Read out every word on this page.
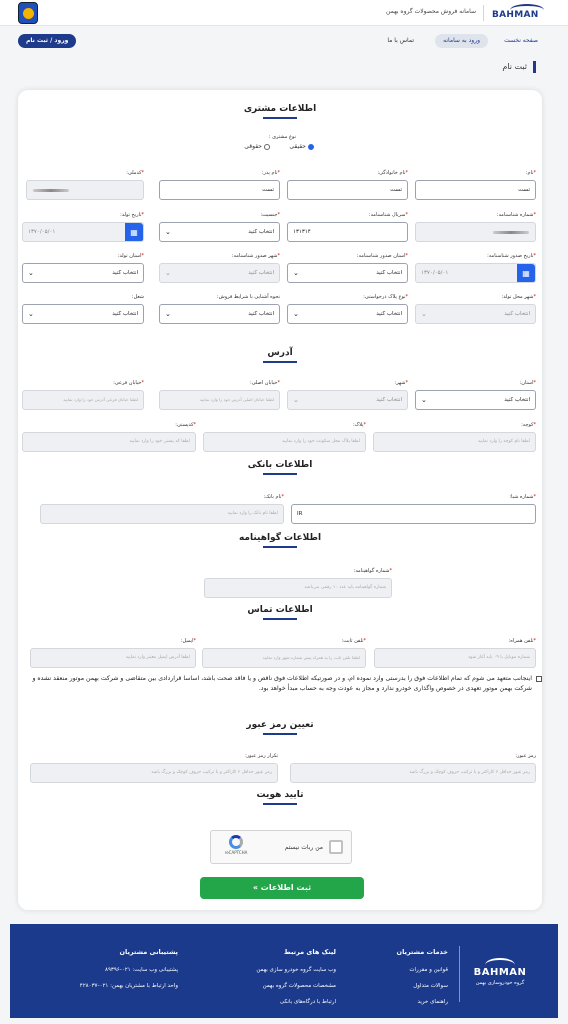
BAHMAN
سامانه فروش محصولات گروه بهمن
صفحه نخست
ورود به سامانه
تماس با ما
ورود / ثبت نام
ثبت نام
اطلاعات مشتری
نوع مشتری :
حقیقی
حقوقی
*نام:
تست
*نام خانوادگی:
تست
*نام پدر:
تست
*کدملی:
*شماره شناسنامه:
*سریال شناسنامه:
۱۳۱۳۱۴
*جنسیت:
انتخاب کنید
⌄
*تاریخ تولد:
۱۳۷۰/۰۵/۰۱	▦
*تاریخ صدور شناسنامه:
۱۳۷۰/۰۵/۰۱	▦
*استان صدور شناسنامه:
انتخاب کنید
⌄
*شهر صدور شناسنامه:
انتخاب کنید
⌄
*استان تولد:
انتخاب کنید
⌄
*شهر محل تولد:
انتخاب کنید
⌄
*نوع پلاک درخواستی:
انتخاب کنید
⌄
نحوه آشنایی با شرایط فروش:
انتخاب کنید
⌄
شغل:
انتخاب کنید
⌄
آدرس
*استان:
انتخاب کنید
⌄
*شهر:
انتخاب کنید
⌄
*خیابان اصلی:
لطفا خیابان اصلی آدرس خود را وارد نمایید
*خیابان فرعی:
لطفا خیابان فرعی آدرس خود را وارد نمایید
*کوچه:
لطفا نام کوچه را وارد نمایید
*پلاک:
لطفا پلاک محل سکونت خود را وارد نمایید
*کدپستی:
لطفا کد پستی خود را وارد نمایید
اطلاعات بانکی
*شماره شبا:
IR
*نام بانک:
لطفا نام بانک را وارد نمایید
اطلاعات گواهینامه
*شماره گواهینامه:
شماره گواهینامه باید عدد ۱۰ رقمی می‌باشد
اطلاعات تماس
*تلفن همراه:
شماره موبایل با ۰۹ باید آغاز شود
*تلفن ثابت:
لطفا تلفن ثابت را به همراه پیش شماره شهر وارد نمایید
*ایمیل:
لطفا آدرس ایمیل معتبر وارد نمایید
اینجانب متعهد می شوم که تمام اطلاعات فوق را بدرستی وارد نموده ام، و در صورتیکه اطلاعات فوق ناقص و یا فاقد صحت باشد، اساسا قراردادی بین متقاضی و شرکت بهمن موتور منعقد نشده و شرکت بهمن موتور تعهدی در خصوص واگذاری خودرو ندارد و مجاز به عودت وجه به حساب مبدأ خواهد بود.
تعیین رمز عبور
رمز عبور:
رمز عبور حداقل ۶ کاراکتر و با ترکیب حروف کوچک و بزرگ باشد
تکرار رمز عبور:
رمز عبور حداقل ۶ کاراکتر و با ترکیب حروف کوچک و بزرگ باشد
تایید هویت
من ربات نیستم
reCAPTCHA
ثبت اطلاعات »
BAHMAN
گروه خودروسازی بهمن
خدمات مشتریان
قوانین و مقررات
سوالات متداول
راهنمای خرید
لینک های مرتبط
وب سایت گروه خودرو سازی بهمن
مشخصات محصولات گروه بهمن
ارتباط با درگاه‌های بانکی
پشتیبانی مشتریان
پشتیبانی وب سایت: ۰۲۱-۸۹۳۹۶
واحد ارتباط با مشتریان بهمن: ۰۲۱-۴۲۸۰۳۷
